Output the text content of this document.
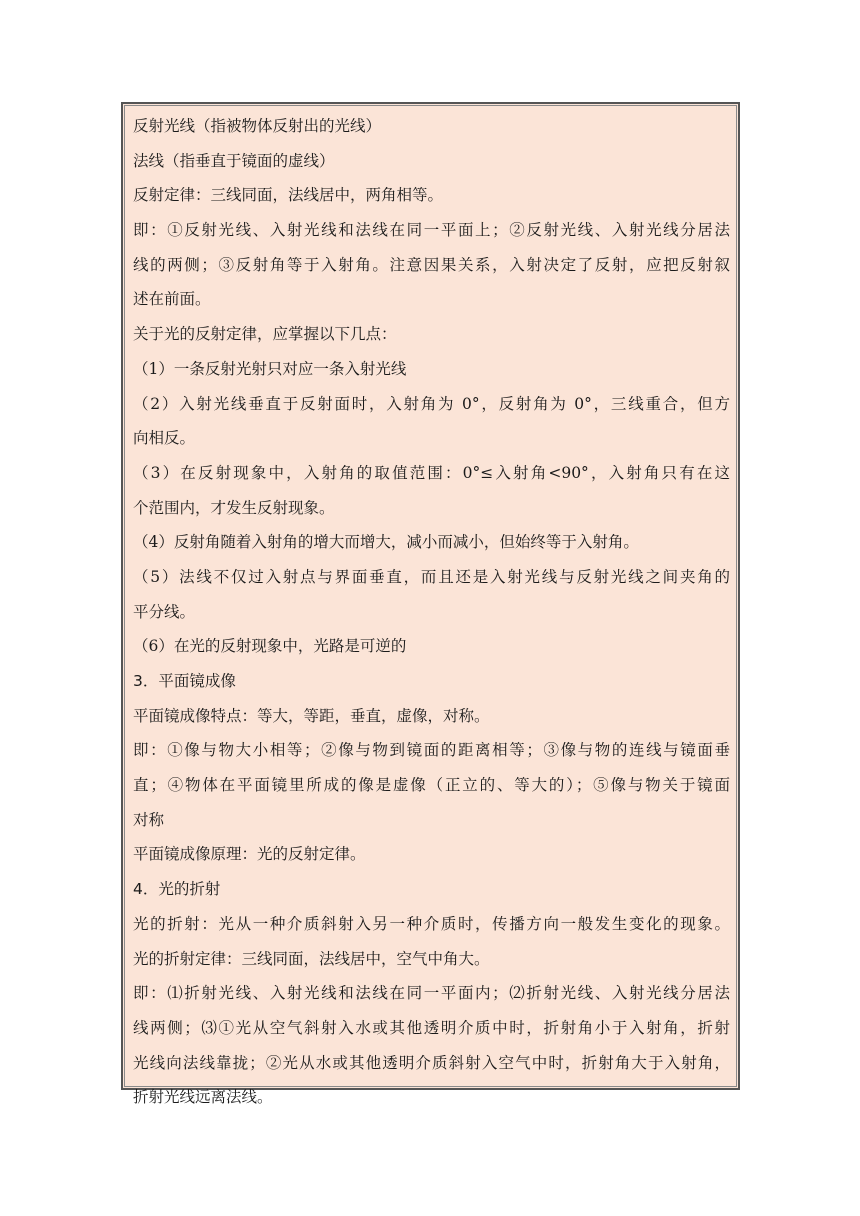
反射光线（指被物体反射出的光线）
法线（指垂直于镜面的虚线）
反射定律：三线同面，法线居中，两角相等。
即：①反射光线、入射光线和法线在同一平面上；②反射光线、入射光线分居法
线的两侧；③反射角等于入射角。注意因果关系，入射决定了反射，应把反射叙
述在前面。
关于光的反射定律，应掌握以下几点：
（1）一条反射光射只对应一条入射光线
（2）入射光线垂直于反射面时，入射角为 0°，反射角为 0°，三线重合，但方
向相反。
（3）在反射现象中，入射角的取值范围：0°≤入射角<90°，入射角只有在这
个范围内，才发生反射现象。
（4）反射角随着入射角的增大而增大，减小而减小，但始终等于入射角。
（5）法线不仅过入射点与界面垂直，而且还是入射光线与反射光线之间夹角的
平分线。
（6）在光的反射现象中，光路是可逆的
3．平面镜成像
平面镜成像特点：等大，等距，垂直，虚像，对称。
即：①像与物大小相等；②像与物到镜面的距离相等；③像与物的连线与镜面垂
直；④物体在平面镜里所成的像是虚像（正立的、等大的）；⑤像与物关于镜面
对称
平面镜成像原理：光的反射定律。
4．光的折射
光的折射：光从一种介质斜射入另一种介质时，传播方向一般发生变化的现象。
光的折射定律：三线同面，法线居中，空气中角大。
即：⑴折射光线、入射光线和法线在同一平面内；⑵折射光线、入射光线分居法
线两侧；⑶①光从空气斜射入水或其他透明介质中时，折射角小于入射角，折射
光线向法线靠拢；②光从水或其他透明介质斜射入空气中时，折射角大于入射角，
折射光线远离法线。
